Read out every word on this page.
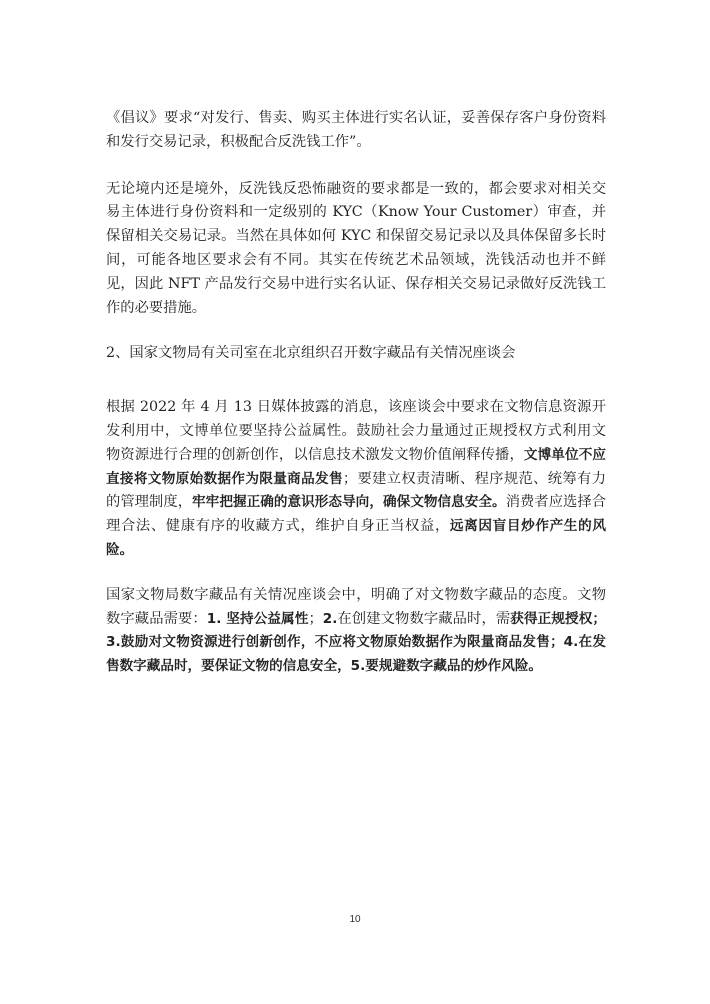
《倡议》要求“对发行、售卖、购买主体进行实名认证，妥善保存客户身份资料和发行交易记录，积极配合反洗钱工作”。

无论境内还是境外，反洗钱反恐怖融资的要求都是一致的，都会要求对相关交易主体进行身份资料和一定级别的 KYC（Know Your Customer）审查，并保留相关交易记录。当然在具体如何 KYC 和保留交易记录以及具体保留多长时间，可能各地区要求会有不同。其实在传统艺术品领域，洗钱活动也并不鲜见，因此 NFT 产品发行交易中进行实名认证、保存相关交易记录做好反洗钱工作的必要措施。

2、国家文物局有关司室在北京组织召开数字藏品有关情况座谈会

根据 2022 年 4 月 13 日媒体披露的消息，该座谈会中要求在文物信息资源开发利用中，文博单位要坚持公益属性。鼓励社会力量通过正规授权方式利用文物资源进行合理的创新创作，以信息技术激发文物价值阐释传播，文博单位不应直接将文物原始数据作为限量商品发售；要建立权责清晰、程序规范、统筹有力的管理制度，牢牢把握正确的意识形态导向，确保文物信息安全。消费者应选择合理合法、健康有序的收藏方式，维护自身正当权益，远离因盲目炒作产生的风险。

国家文物局数字藏品有关情况座谈会中，明确了对文物数字藏品的态度。文物数字藏品需要：1. 坚持公益属性；2.在创建文物数字藏品时，需获得正规授权；3.鼓励对文物资源进行创新创作，不应将文物原始数据作为限量商品发售；4.在发售数字藏品时，要保证文物的信息安全，5.要规避数字藏品的炒作风险。

10
